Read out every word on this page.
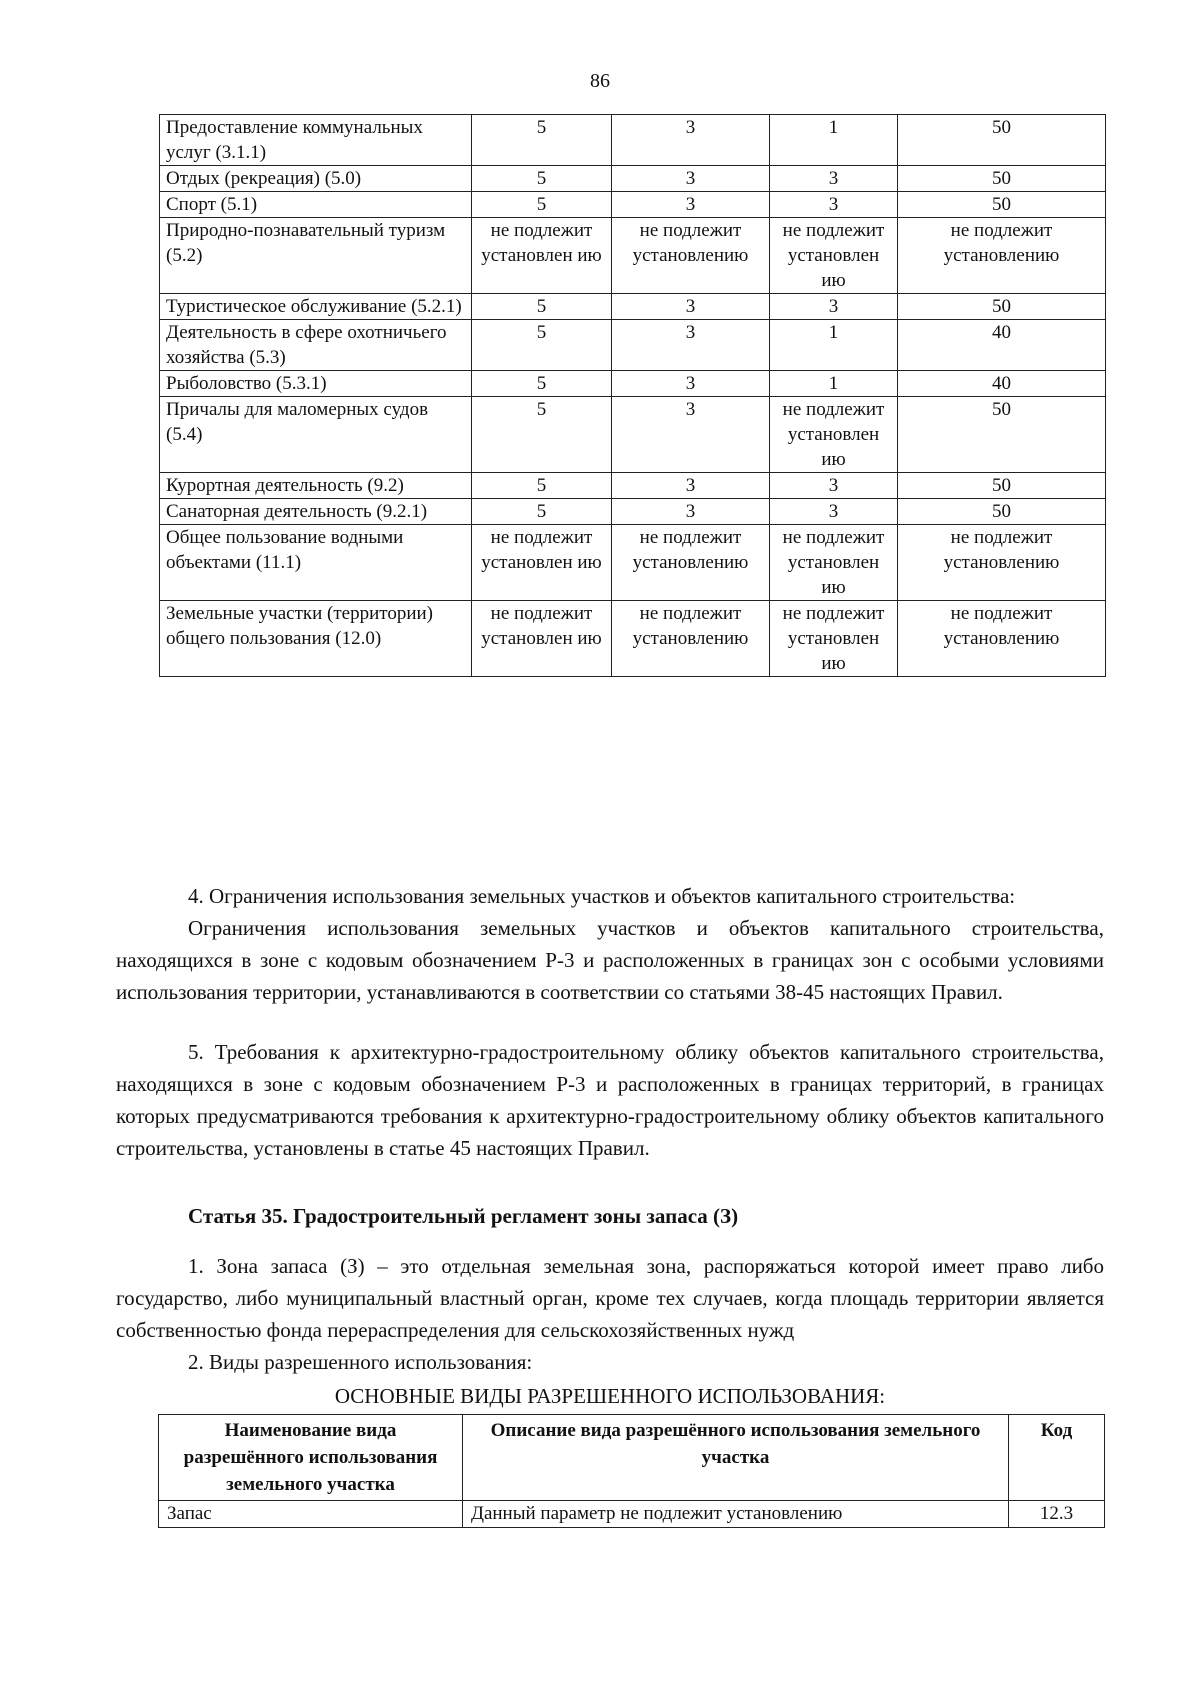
86
Предоставление коммунальных услуг (3.1.1)	5	3	1	50
Отдых (рекреация) (5.0)	5	3	3	50
Спорт (5.1)	5	3	3	50
Природно-познавательный туризм (5.2)	не подлежит установлен ию	не подлежит установлению	не подлежит установлен ию	не подлежит установлению
Туристическое обслуживание (5.2.1)	5	3	3	50
Деятельность в сфере охотничьего хозяйства (5.3)	5	3	1	40
Рыболовство (5.3.1)	5	3	1	40
Причалы для маломерных судов (5.4)	5	3	не подлежит установлен ию	50
Курортная деятельность (9.2)	5	3	3	50
Санаторная деятельность (9.2.1)	5	3	3	50
Общее пользование водными объектами (11.1)	не подлежит установлен ию	не подлежит установлению	не подлежит установлен ию	не подлежит установлению
Земельные участки (территории) общего пользования (12.0)	не подлежит установлен ию	не подлежит установлению	не подлежит установлен ию	не подлежит установлению

4. Ограничения использования земельных участков и объектов капитального строительства:

Ограничения использования земельных участков и объектов капитального строительства, находящихся в зоне с кодовым обозначением Р-3 и расположенных в границах зон с особыми условиями использования территории, устанавливаются в соответствии со статьями 38-45 настоящих Правил.

5. Требования к архитектурно-градостроительному облику объектов капитального строительства, находящихся в зоне с кодовым обозначением Р-3 и расположенных в границах территорий, в границах которых предусматриваются требования к архитектурно-градостроительному облику объектов капитального строительства, установлены в статье 45 настоящих Правил.

Статья 35. Градостроительный регламент зоны запаса (З)

1. Зона запаса (З) – это отдельная земельная зона, распоряжаться которой имеет право либо государство, либо муниципальный властный орган, кроме тех случаев, когда площадь территории является собственностью фонда перераспределения для сельскохозяйственных нужд

2. Виды разрешенного использования:

ОСНОВНЫЕ ВИДЫ РАЗРЕШЕННОГО ИСПОЛЬЗОВАНИЯ:

Наименование вида разрешённого использования земельного участка	Описание вида разрешённого использования земельного участка	Код
Запас	Данный параметр не подлежит установлению	12.3
